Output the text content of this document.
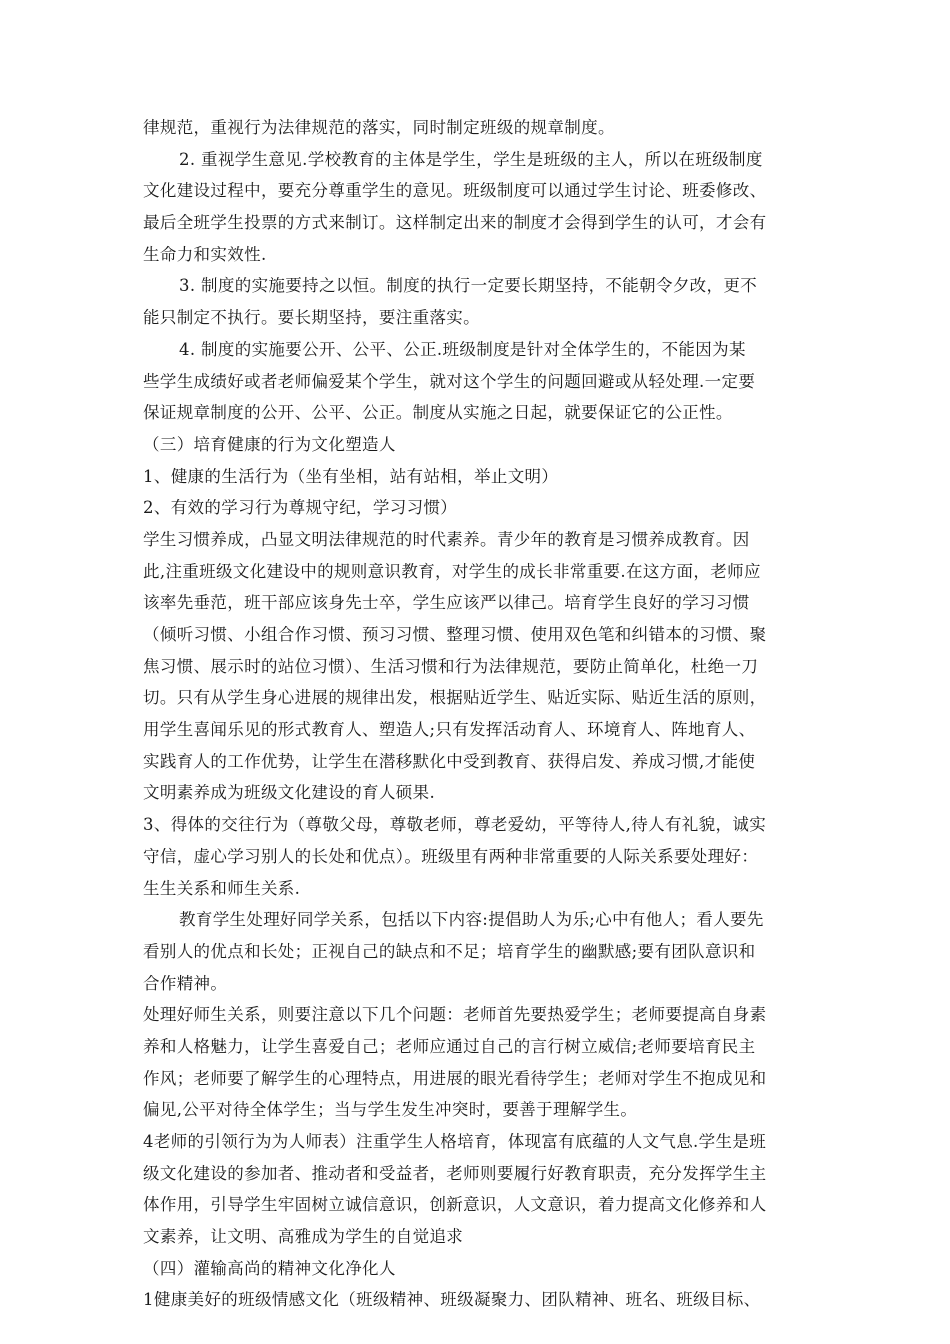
律规范，重视行为法律规范的落实，同时制定班级的规章制度。
2. 重视学生意见.学校教育的主体是学生，学生是班级的主人，所以在班级制度
文化建设过程中，要充分尊重学生的意见。班级制度可以通过学生讨论、班委修改、
最后全班学生投票的方式来制订。这样制定出来的制度才会得到学生的认可，才会有
生命力和实效性.
3. 制度的实施要持之以恒。制度的执行一定要长期坚持，不能朝令夕改，更不
能只制定不执行。要长期坚持，要注重落实。
4. 制度的实施要公开、公平、公正.班级制度是针对全体学生的，不能因为某
些学生成绩好或者老师偏爱某个学生，就对这个学生的问题回避或从轻处理.一定要
保证规章制度的公开、公平、公正。制度从实施之日起，就要保证它的公正性。
（三）培育健康的行为文化塑造人
1、健康的生活行为（坐有坐相，站有站相，举止文明）
2、有效的学习行为尊规守纪，学习习惯）
学生习惯养成，凸显文明法律规范的时代素养。青少年的教育是习惯养成教育。因
此,注重班级文化建设中的规则意识教育，对学生的成长非常重要.在这方面，老师应
该率先垂范，班干部应该身先士卒，学生应该严以律己。培育学生良好的学习习惯
（倾听习惯、小组合作习惯、预习习惯、整理习惯、使用双色笔和纠错本的习惯、聚
焦习惯、展示时的站位习惯）、生活习惯和行为法律规范，要防止简单化，杜绝一刀
切。只有从学生身心进展的规律出发，根据贴近学生、贴近实际、贴近生活的原则，
用学生喜闻乐见的形式教育人、塑造人;只有发挥活动育人、环境育人、阵地育人、
实践育人的工作优势，让学生在潜移默化中受到教育、获得启发、养成习惯,才能使
文明素养成为班级文化建设的育人硕果.
3、得体的交往行为（尊敬父母，尊敬老师，尊老爱幼，平等待人,待人有礼貌，诚实
守信，虚心学习别人的长处和优点）。班级里有两种非常重要的人际关系要处理好：
生生关系和师生关系.
教育学生处理好同学关系，包括以下内容:提倡助人为乐;心中有他人；看人要先
看别人的优点和长处；正视自己的缺点和不足；培育学生的幽默感;要有团队意识和
合作精神。
处理好师生关系，则要注意以下几个问题：老师首先要热爱学生；老师要提高自身素
养和人格魅力，让学生喜爱自己；老师应通过自己的言行树立威信;老师要培育民主
作风；老师要了解学生的心理特点，用进展的眼光看待学生；老师对学生不抱成见和
偏见,公平对待全体学生；当与学生发生冲突时，要善于理解学生。
4老师的引领行为为人师表）注重学生人格培育，体现富有底蕴的人文气息.学生是班
级文化建设的参加者、推动者和受益者，老师则要履行好教育职责，充分发挥学生主
体作用，引导学生牢固树立诚信意识，创新意识，人文意识，着力提高文化修养和人
文素养，让文明、高雅成为学生的自觉追求
（四）灌输高尚的精神文化净化人
1健康美好的班级情感文化（班级精神、班级凝聚力、团队精神、班名、班级目标、
